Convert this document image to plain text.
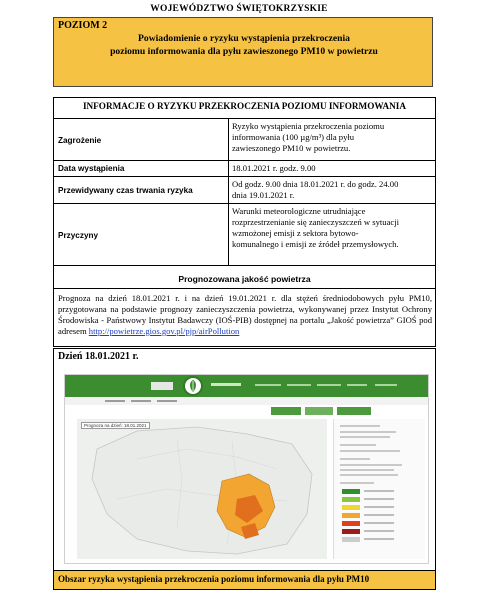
WOJEWÓDZTWO ŚWIĘTOKRZYSKIE
POZIOM 2
Powiadomienie o ryzyku wystąpienia przekroczenia
poziomu informowania dla pyłu zawieszonego PM10 w powietrzu
INFORMACJE O RYZYKU PRZEKROCZENIA POZIOMU INFORMOWANIA
Zagrożenie
Ryzyko wystąpienia przekroczenia poziomu
informowania (100 µg/m³) dla pyłu
zawieszonego PM10 w powietrzu.
Data wystąpienia	18.01.2021 r. godz. 9.00
Przewidywany czas trwania ryzyka
Od godz. 9.00 dnia 18.01.2021 r. do godz. 24.00
dnia 19.01.2021 r.
Przyczyny
Warunki meteorologiczne utrudniające
rozprzestrzenianie się zanieczyszczeń w sytuacji
wzmożonej emisji z sektora bytowo-
komunalnego i emisji ze źródeł przemysłowych.
Prognozowana jakość powietrza
Prognoza na dzień 18.01.2021 r. i na dzień 19.01.2021 r. dla stężeń średniodobowych pyłu PM10, przygotowana na podstawie prognozy zanieczyszczenia powietrza, wykonywanej przez Instytut Ochrony Środowiska - Państwowy Instytut Badawczy (IOŚ-PIB) dostępnej na portalu „Jakość powietrza” GIOŚ pod adresem http://powietrze.gios.gov.pl/pjp/airPollution
Dzień 18.01.2021 r.
Prognoza na dzień: 18.01.2021
Obszar ryzyka wystąpienia przekroczenia poziomu informowania dla pyłu PM10
